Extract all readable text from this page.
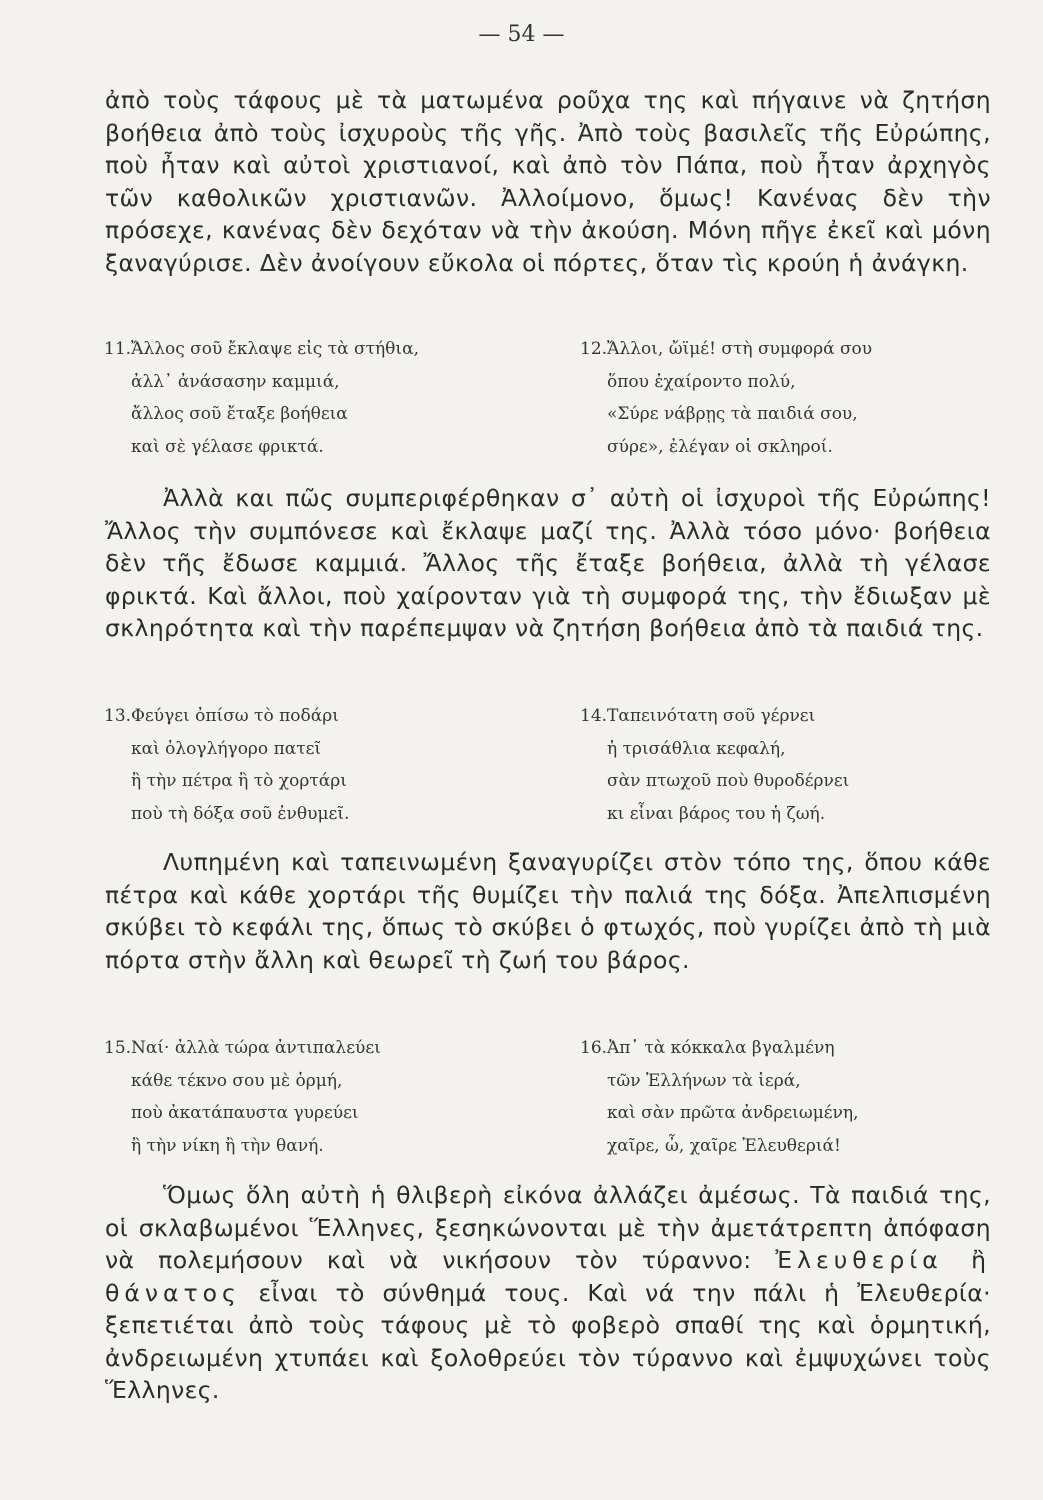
— 54 —

ἀπὸ τοὺς τάφους μὲ τὰ ματωμένα ροῦχα της καὶ πήγαινε νὰ ζητήση βοήθεια ἀπὸ τοὺς ἰσχυροὺς τῆς γῆς. Ἀπὸ τοὺς βασιλεῖς τῆς Εὐρώπης, ποὺ ἦταν καὶ αὐτοὶ χριστιανοί, καὶ ἀπὸ τὸν Πάπα, ποὺ ἦταν ἀρχηγὸς τῶν καθολικῶν χριστιανῶν. Ἀλλοίμονο, ὅμως! Κανένας δὲν τὴν πρόσεχε, κανένας δὲν δεχόταν νὰ τὴν ἀκούση. Μόνη πῆγε ἐκεῖ καὶ μόνη ξαναγύρισε. Δὲν ἀνοίγουν εὔκολα οἱ πόρτες, ὅταν τὶς κρούη ἡ ἀνάγκη.

11.Ἄλλος σοῦ ἔκλαψε εἰς τὰ στήθια,
ἀλλ᾽ ἀνάσασην καμμιά,
ἄλλος σοῦ ἔταξε βοήθεια
καὶ σὲ γέλασε φρικτά.
12.Ἄλλοι, ὤϊμέ! στὴ συμφορά σου
ὅπου ἐχαίροντο πολύ,
«Σύρε νάβρῃς τὰ παιδιά σου,
σύρε», ἐλέγαν οἱ σκληροί.

Ἀλλὰ και πῶς συμπεριφέρθηκαν σ᾽ αὐτὴ οἱ ἰσχυροὶ τῆς Εὐρώπης! Ἄλλος τὴν συμπόνεσε καὶ ἔκλαψε μαζί της. Ἀλλὰ τόσο μόνο· βοήθεια δὲν τῆς ἔδωσε καμμιά. Ἄλλος τῆς ἔταξε βοήθεια, ἀλλὰ τὴ γέλασε φρικτά. Καὶ ἄλλοι, ποὺ χαίρονταν γιὰ τὴ συμφορά της, τὴν ἔδιωξαν μὲ σκληρότητα καὶ τὴν παρέπεμψαν νὰ ζητήση βοήθεια ἀπὸ τὰ παιδιά της.

13.Φεύγει ὀπίσω τὸ ποδάρι
καὶ ὀλογλήγορο πατεῖ
ἢ τὴν πέτρα ἢ τὸ χορτάρι
ποὺ τὴ δόξα σοῦ ἐνθυμεῖ.
14.Ταπεινότατη σοῦ γέρνει
ἡ τρισάθλια κεφαλή,
σὰν πτωχοῦ ποὺ θυροδέρνει
κι εἶναι βάρος του ἡ ζωή.

Λυπημένη καὶ ταπεινωμένη ξαναγυρίζει στὸν τόπο της, ὅπου κάθε πέτρα καὶ κάθε χορτάρι τῆς θυμίζει τὴν παλιά της δόξα. Ἀπελπισμένη σκύβει τὸ κεφάλι της, ὅπως τὸ σκύβει ὁ φτωχός, ποὺ γυρίζει ἀπὸ τὴ μιὰ πόρτα στὴν ἄλλη καὶ θεωρεῖ τὴ ζωή του βάρος.

15.Ναί· ἀλλὰ τώρα ἀντιπαλεύει
κάθε τέκνο σου μὲ ὁρμή,
ποὺ ἀκατάπαυστα γυρεύει
ἢ τὴν νίκη ἢ τὴν θανή.
16.Ἀπ᾽ τὰ κόκκαλα βγαλμένη
τῶν Ἑλλήνων τὰ ἱερά,
καὶ σὰν πρῶτα ἀνδρειωμένη,
χαῖρε, ὦ, χαῖρε Ἐλευθεριά!

Ὅμως ὅλη αὐτὴ ἡ θλιβερὴ εἰκόνα ἀλλάζει ἀμέσως. Τὰ παιδιά της, οἱ σκλαβωμένοι Ἕλληνες, ξεσηκώνονται μὲ τὴν ἀμετάτρεπτη ἀπόφαση νὰ πολεμήσουν καὶ νὰ νικήσουν τὸν τύραννο: Ἐλευθερία ἢ θάνατος εἶναι τὸ σύνθημά τους. Καὶ νά την πάλι ἡ Ἐλευθερία· ξεπετιέται ἀπὸ τοὺς τάφους μὲ τὸ φοβερὸ σπαθί της καὶ ὁρμητική, ἀνδρειωμένη χτυπάει καὶ ξολοθρεύει τὸν τύραννο καὶ ἐμψυχώνει τοὺς Ἕλληνες.
